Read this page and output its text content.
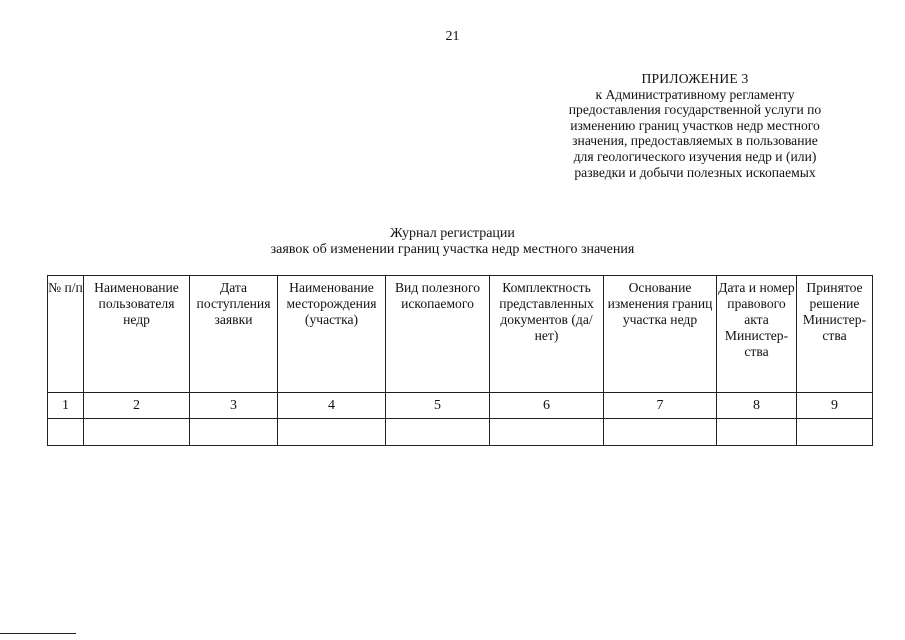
21
ПРИЛОЖЕНИЕ 3
к Административному регламенту
предоставления государственной услуги по
изменению границ участков недр местного
значения, предоставляемых в пользование
для геологического изучения недр и (или)
разведки и добычи полезных ископаемых
Журнал регистрации
заявок об изменении границ участка недр местного значения
№ п/п	Наименование пользователя недр	Дата поступления заявки	Наименование месторождения (участка)	Вид полезного ископаемого	Комплектность представленных документов (да/нет)	Основание изменения границ участка недр	Дата и номер правового акта Министер-ства	Принятое решение Министер-ства
1	2	3	4	5	6	7	8	9
